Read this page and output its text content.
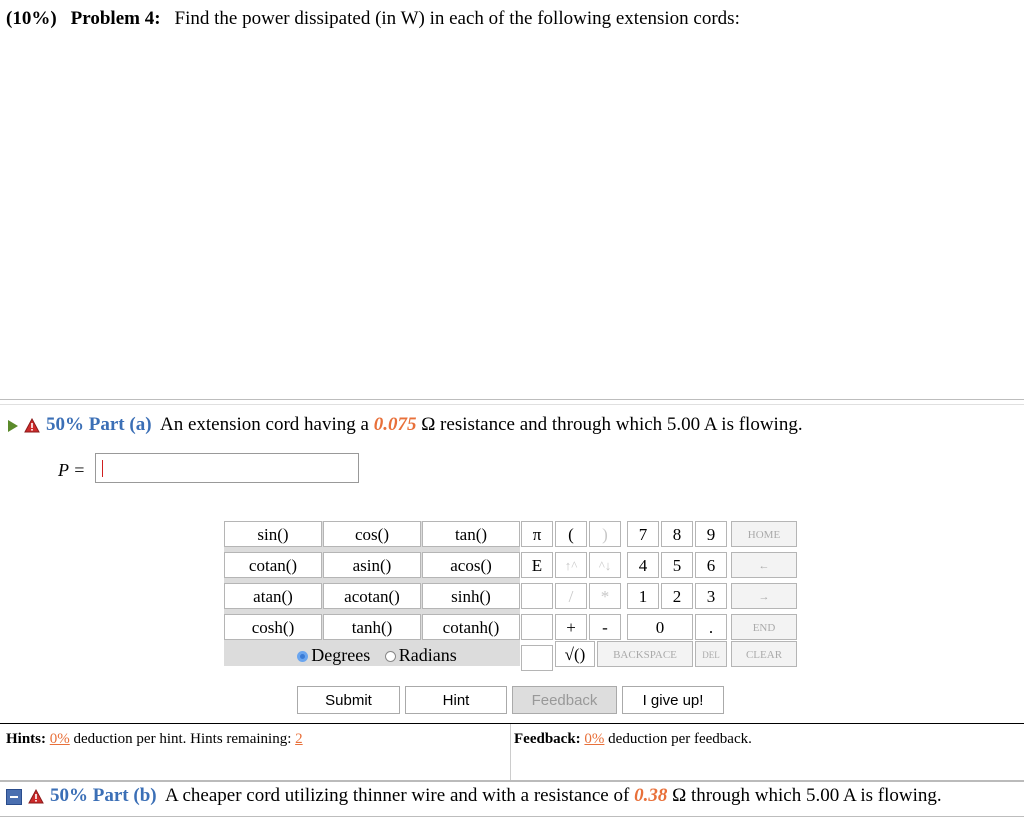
(10%) Problem 4: Find the power dissipated (in W) in each of the following extension cords:
50% Part (a) An extension cord having a 0.075 Ω resistance and through which 5.00 A is flowing.
P =
sin()	cos()	tan()
cotan()	asin()	acos()
atan()	acotan()	sinh()
cosh()	tanh()	cotanh()
Degrees Radians
π	(	)
E	↑^	^↓
/	*
+	-
√()
7	8	9
4	5	6
1	2	3
0	.
HOME
←
→
END
BACKSPACE	DEL	CLEAR
Submit	Hint	Feedback	I give up!
Hints: 0% deduction per hint. Hints remaining: 2	Feedback: 0% deduction per feedback.
50% Part (b) A cheaper cord utilizing thinner wire and with a resistance of 0.38 Ω through which 5.00 A is flowing.
